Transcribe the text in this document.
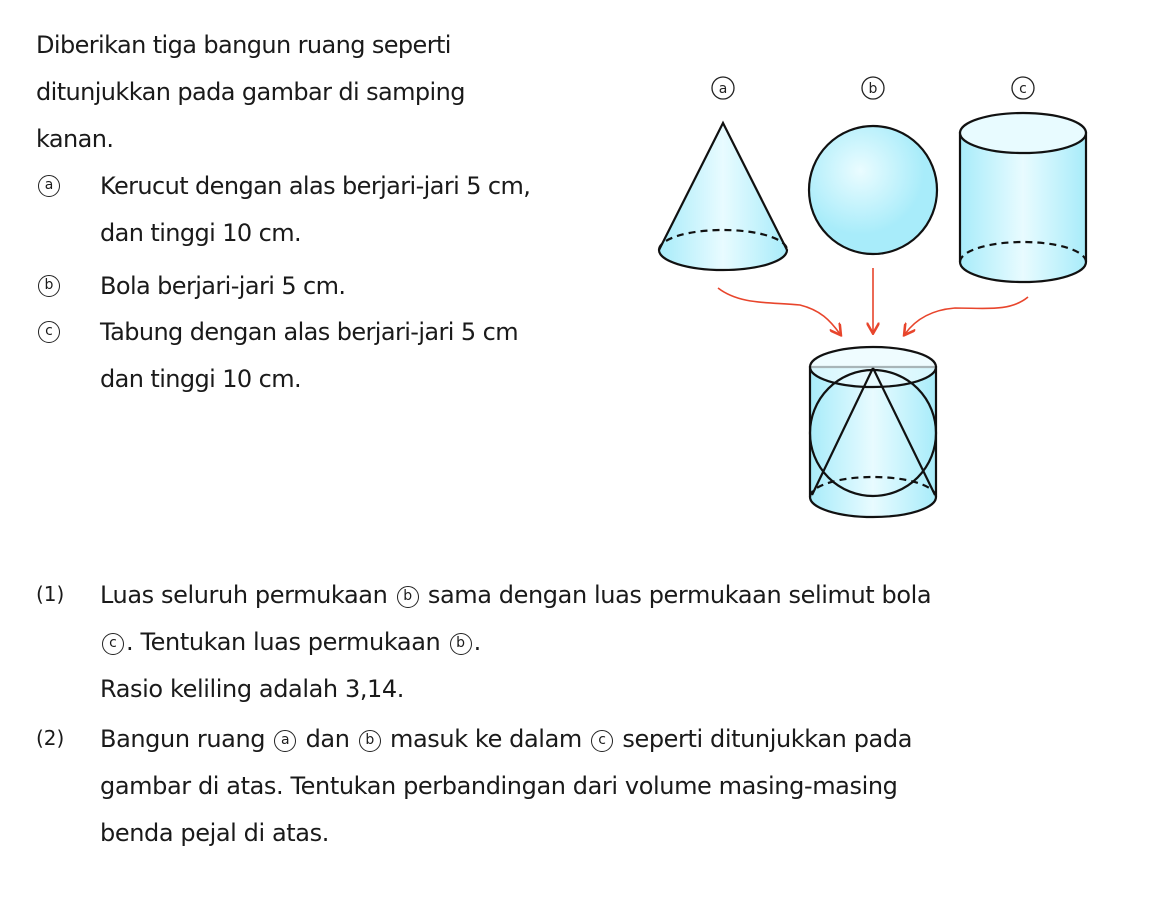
Diberikan tiga bangun ruang seperti
ditunjukkan pada gambar di samping
kanan.
a Kerucut dengan alas berjari-jari 5 cm,
dan tinggi 10 cm.
b Bola berjari-jari 5 cm.
c Tabung dengan alas berjari-jari 5 cm
dan tinggi 10 cm.
a	b	c
(1) Luas seluruh permukaan b sama dengan luas permukaan selimut bola
c . Tentukan luas permukaan b .
Rasio keliling adalah 3,14.
(2) Bangun ruang a dan b masuk ke dalam c seperti ditunjukkan pada
gambar di atas. Tentukan perbandingan dari volume masing-masing
benda pejal di atas.
